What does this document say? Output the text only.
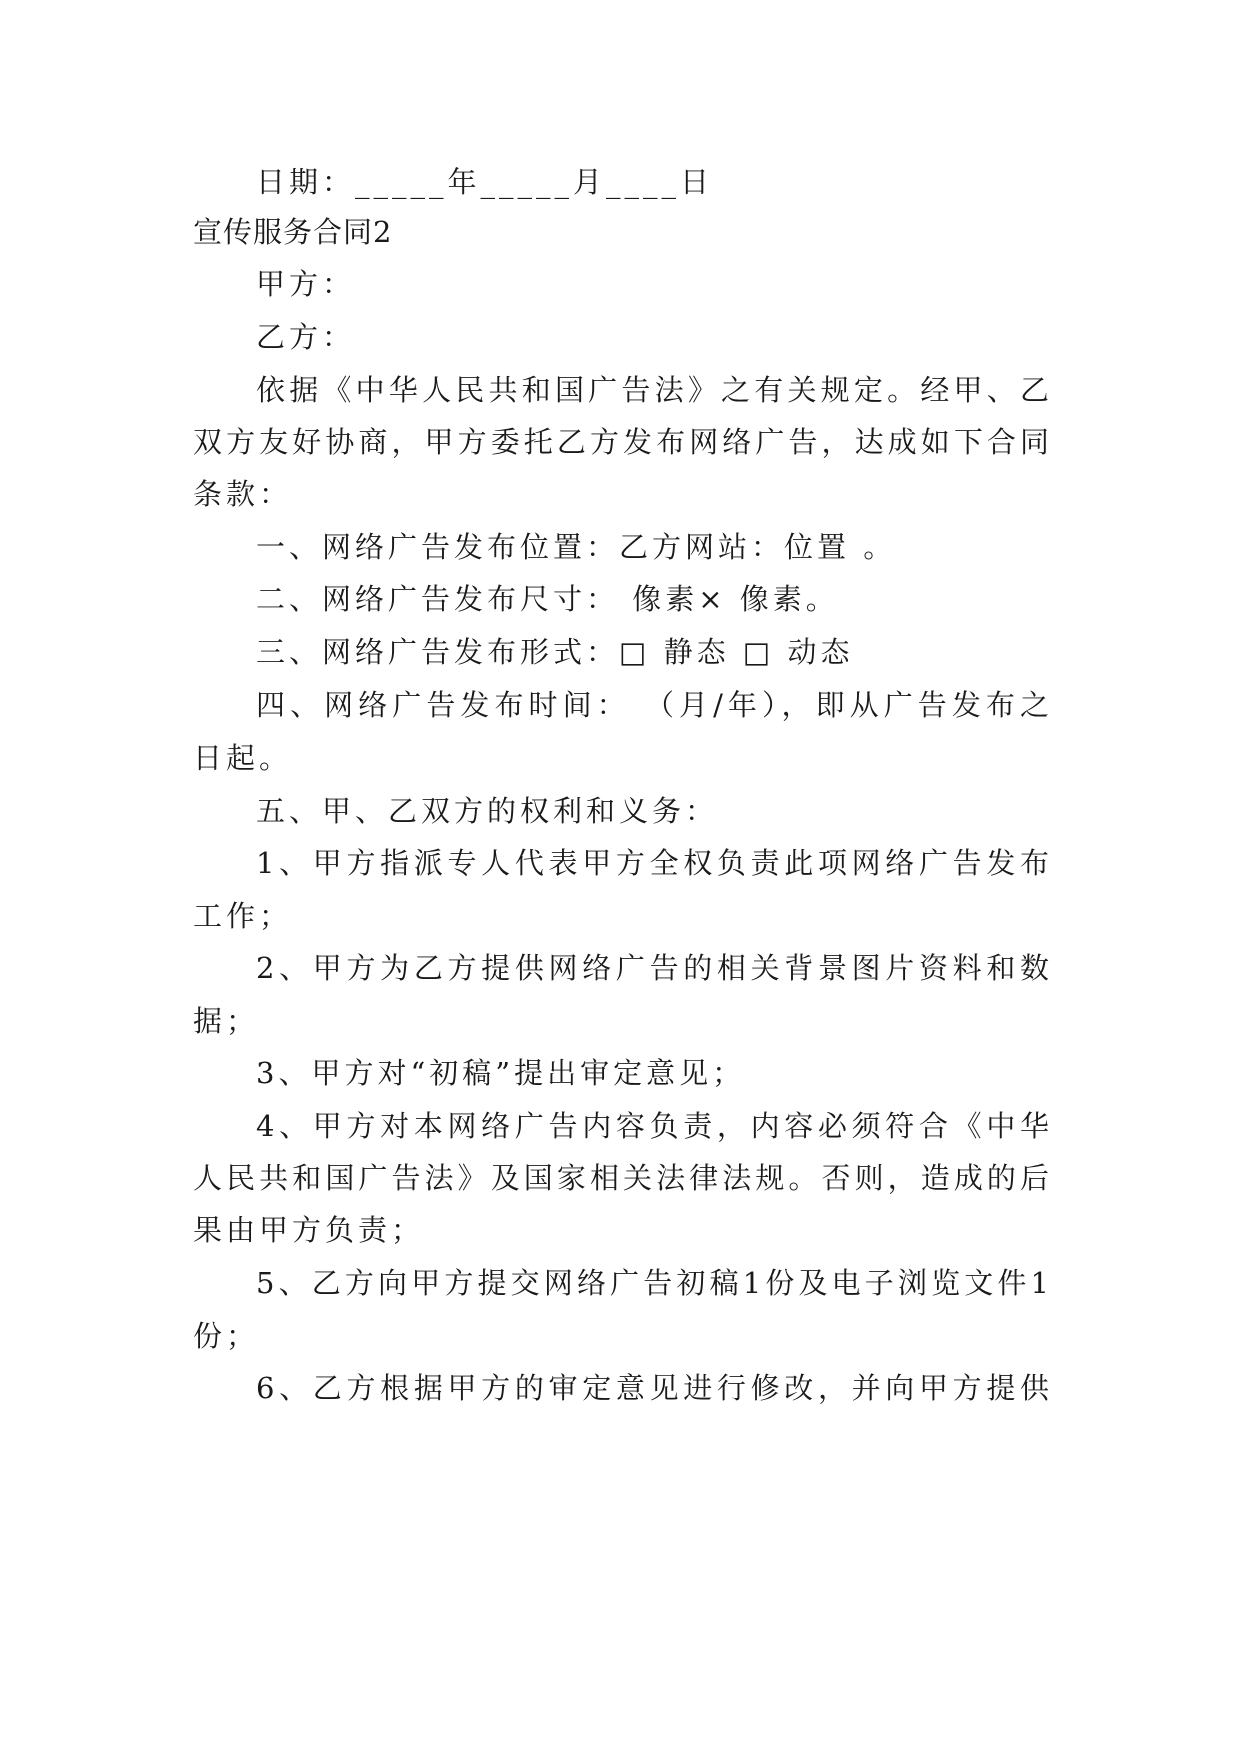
日期：_____年_____月____日
宣传服务合同2
甲方：
乙方：
依据《中华人民共和国广告法》之有关规定。经甲、乙
双方友好协商，甲方委托乙方发布网络广告，达成如下合同
条款：
一、网络广告发布位置：乙方网站：位置 。
二、网络广告发布尺寸： 像素× 像素。
三、网络广告发布形式：□ 静态 □ 动态
四、网络广告发布时间： （月/年），即从广告发布之
日起。
五、甲、乙双方的权利和义务：
1、甲方指派专人代表甲方全权负责此项网络广告发布
工作；
2、甲方为乙方提供网络广告的相关背景图片资料和数
据；
3、甲方对“初稿”提出审定意见；
4、甲方对本网络广告内容负责，内容必须符合《中华
人民共和国广告法》及国家相关法律法规。否则，造成的后
果由甲方负责；
5、乙方向甲方提交网络广告初稿1份及电子浏览文件1
份；
6、乙方根据甲方的审定意见进行修改，并向甲方提供
